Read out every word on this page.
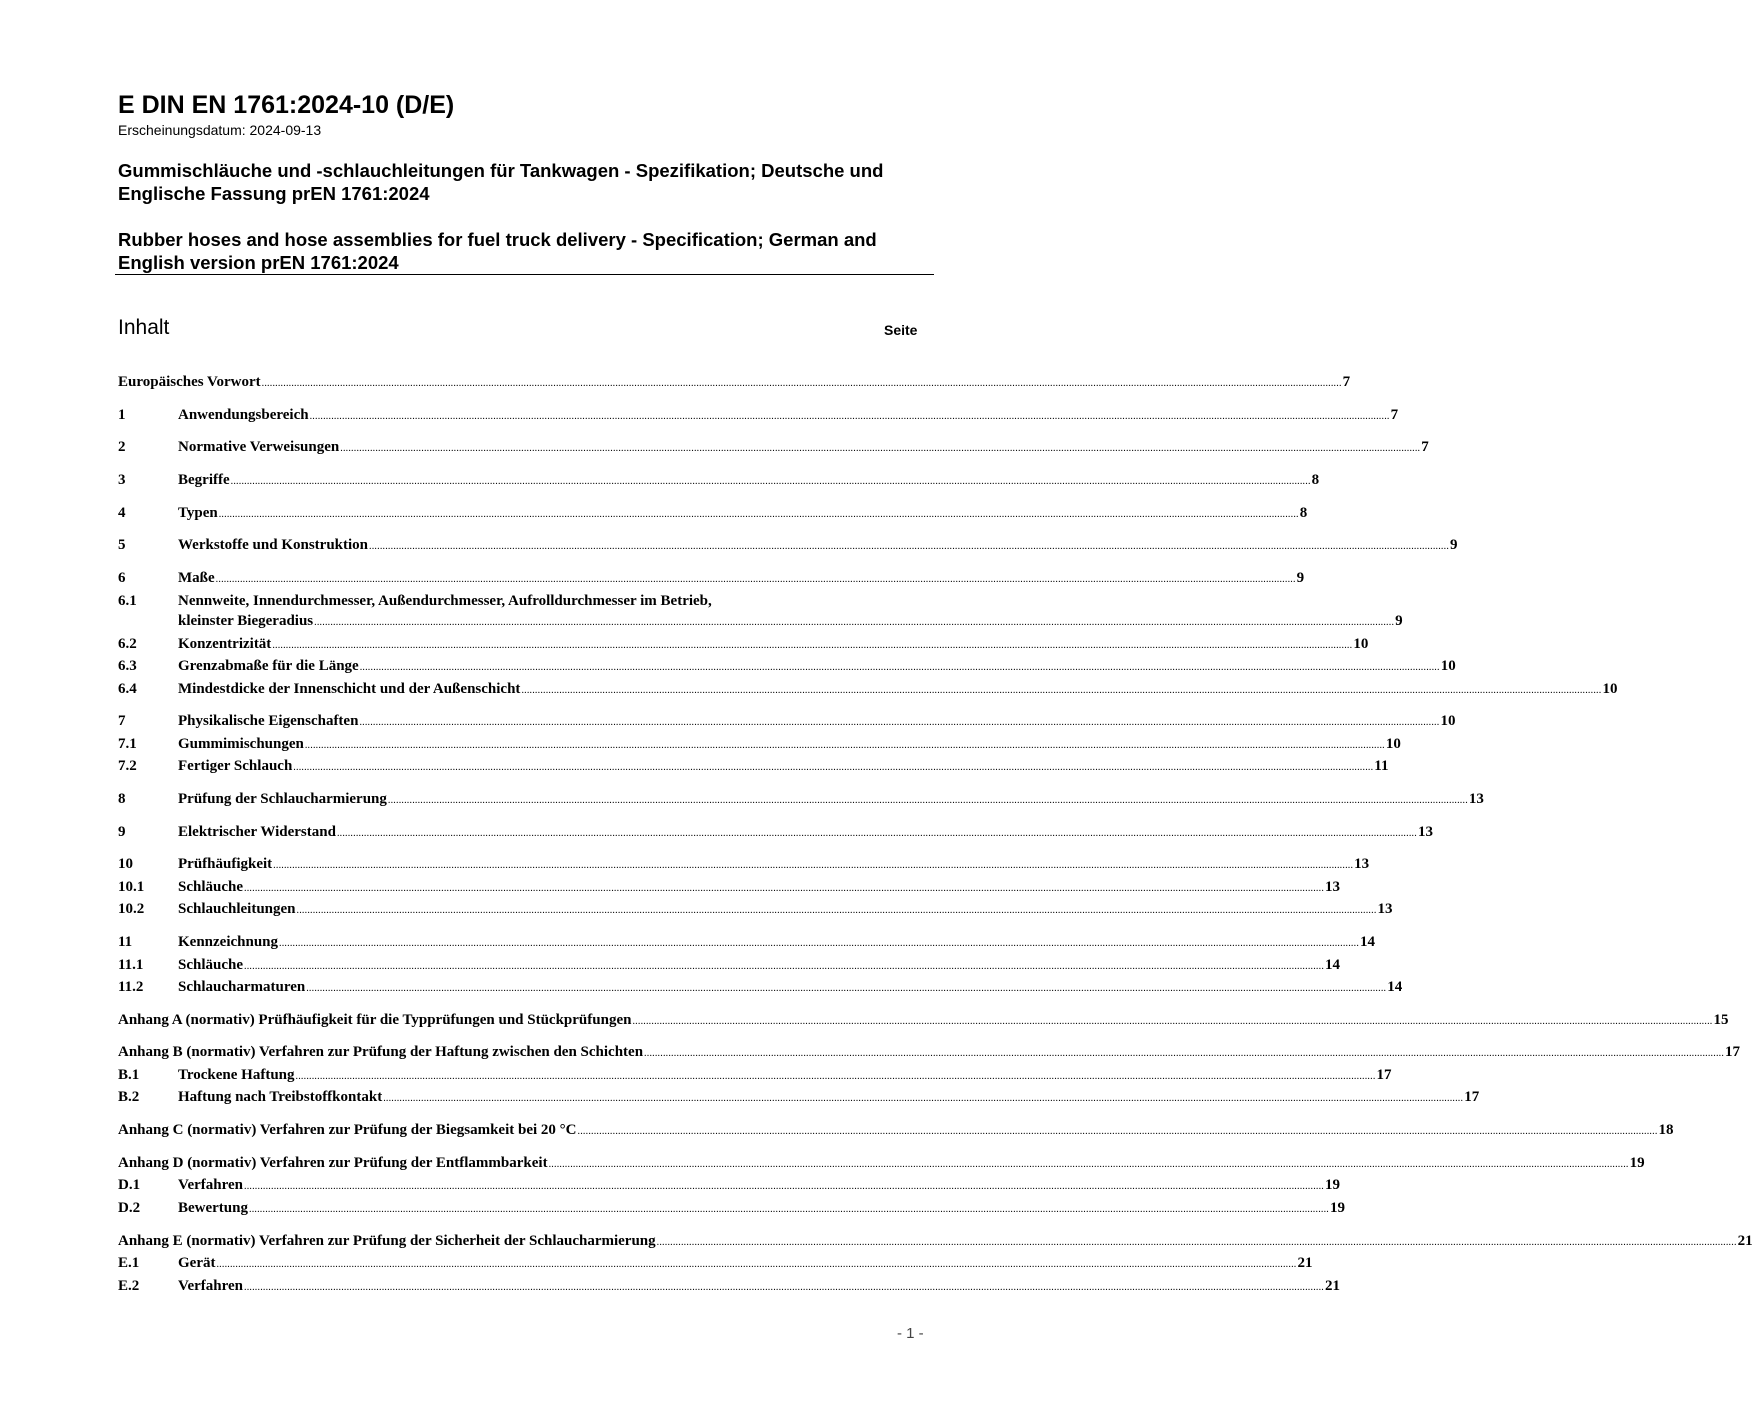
E DIN EN 1761:2024-10 (D/E)
Erscheinungsdatum: 2024-09-13
Gummischläuche und -schlauchleitungen für Tankwagen - Spezifikation; Deutsche und Englische Fassung prEN 1761:2024
Rubber hoses and hose assemblies for fuel truck delivery - Specification; German and English version prEN 1761:2024
Inhalt	Seite
Europäisches Vorwort ................................................................................................................................................................................................................................................................................................................................................................................................................ 7
1	Anwendungsbereich ................................................................................................................................................................................................................................................................................................................................................................................................................ 7
2	Normative Verweisungen ................................................................................................................................................................................................................................................................................................................................................................................................................ 7
3	Begriffe ................................................................................................................................................................................................................................................................................................................................................................................................................ 8
4	Typen ................................................................................................................................................................................................................................................................................................................................................................................................................ 8
5	Werkstoffe und Konstruktion ................................................................................................................................................................................................................................................................................................................................................................................................................ 9
6	Maße ................................................................................................................................................................................................................................................................................................................................................................................................................ 9
6.1	Nennweite, Innendurchmesser, Außendurchmesser, Aufrolldurchmesser im Betrieb,
kleinster Biegeradius ................................................................................................................................................................................................................................................................................................................................................................................................................ 9
6.2	Konzentrizität ................................................................................................................................................................................................................................................................................................................................................................................................................ 10
6.3	Grenzabmaße für die Länge ................................................................................................................................................................................................................................................................................................................................................................................................................ 10
6.4	Mindestdicke der Innenschicht und der Außenschicht ................................................................................................................................................................................................................................................................................................................................................................................................................ 10
7	Physikalische Eigenschaften ................................................................................................................................................................................................................................................................................................................................................................................................................ 10
7.1	Gummimischungen ................................................................................................................................................................................................................................................................................................................................................................................................................ 10
7.2	Fertiger Schlauch ................................................................................................................................................................................................................................................................................................................................................................................................................ 11
8	Prüfung der Schlaucharmierung ................................................................................................................................................................................................................................................................................................................................................................................................................ 13
9	Elektrischer Widerstand ................................................................................................................................................................................................................................................................................................................................................................................................................ 13
10	Prüfhäufigkeit ................................................................................................................................................................................................................................................................................................................................................................................................................ 13
10.1	Schläuche ................................................................................................................................................................................................................................................................................................................................................................................................................ 13
10.2	Schlauchleitungen ................................................................................................................................................................................................................................................................................................................................................................................................................ 13
11	Kennzeichnung ................................................................................................................................................................................................................................................................................................................................................................................................................ 14
11.1	Schläuche ................................................................................................................................................................................................................................................................................................................................................................................................................ 14
11.2	Schlaucharmaturen ................................................................................................................................................................................................................................................................................................................................................................................................................ 14
Anhang A (normativ) Prüfhäufigkeit für die Typprüfungen und Stückprüfungen ................................................................................................................................................................................................................................................................................................................................................................................................................ 15
Anhang B (normativ) Verfahren zur Prüfung der Haftung zwischen den Schichten ................................................................................................................................................................................................................................................................................................................................................................................................................ 17
B.1	Trockene Haftung ................................................................................................................................................................................................................................................................................................................................................................................................................ 17
B.2	Haftung nach Treibstoffkontakt ................................................................................................................................................................................................................................................................................................................................................................................................................ 17
Anhang C (normativ) Verfahren zur Prüfung der Biegsamkeit bei 20 °C ................................................................................................................................................................................................................................................................................................................................................................................................................ 18
Anhang D (normativ) Verfahren zur Prüfung der Entflammbarkeit ................................................................................................................................................................................................................................................................................................................................................................................................................ 19
D.1	Verfahren ................................................................................................................................................................................................................................................................................................................................................................................................................ 19
D.2	Bewertung ................................................................................................................................................................................................................................................................................................................................................................................................................ 19
Anhang E (normativ) Verfahren zur Prüfung der Sicherheit der Schlaucharmierung ................................................................................................................................................................................................................................................................................................................................................................................................................ 21
E.1	Gerät ................................................................................................................................................................................................................................................................................................................................................................................................................ 21
E.2	Verfahren ................................................................................................................................................................................................................................................................................................................................................................................................................ 21
- 1 -
